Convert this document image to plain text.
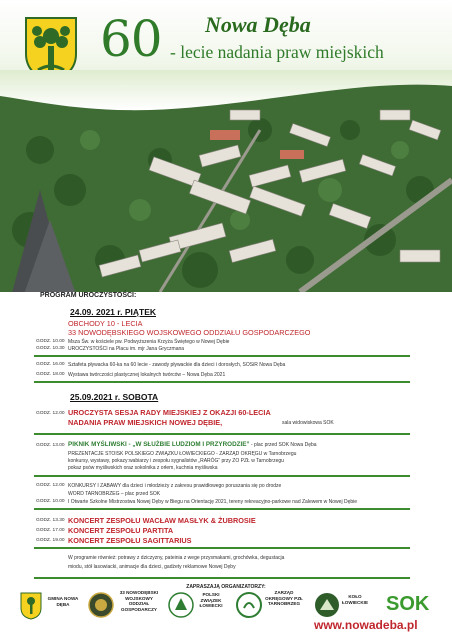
60 Nowa Dęba
- lecie nadania praw miejskich
PROGRAM UROCZYSTOŚCI:
24.09. 2021 r. PIĄTEK
OBCHODY 10 - LECIA
33 NOWODĘBSKIEGO WOJSKOWEGO ODDZIAŁU GOSPODARCZEGO
GODZ. 10.00 Msza Św. w kościele pw. Podwyższenia Krzyża Świętego w Nowej Dębie
GODZ. 10.30 UROCZYSTOŚCI na Placu im. mjr Jana Gryczmana
GODZ. 16.00 Sztafeta pływacka 60-ka na 60 lecie - zawody pływackie dla dzieci i dorosłych, SOSiR Nowa Dęba
GODZ. 18.00 Wystawa twórczości plastycznej lokalnych twórców – Nowa Dęba 2021
25.09.2021 r. SOBOTA
GODZ. 12.00 UROCZYSTA SESJA RADY MIEJSKIEJ Z OKAZJI 60-LECIA
NADANIA PRAW MIEJSKICH NOWEJ DĘBIE,	sala widowiskowa SOK
GODZ. 13.00 PIKNIK MYŚLIWSKI - „W SŁUŻBIE LUDZIOM I PRZYRODZIE” - plac przed SOK Nowa Dęba
PREZENTACJE STOISK POLSKIEGO ZWIĄZKU ŁOWIECKIEGO - ZARZĄD OKRĘGU w Tarnobrzegu
konkursy, wystawy, pokazy:wabiarzy i zespołu sygnalistów „RARÓG” przy ZO PZŁ w Tarnobrzegu
pokaz psów myśliwskich oraz sokolnika z orłem, kuchnia myśliwska
GODZ. 12.00 KONKURSY I ZABAWY dla dzieci i młodzieży z zakresu prawidłowego poruszania się po drodze
WORD TARNOBRZEG – plac przed SOK
GODZ. 10.00 I Otwarte Szkolne Mistrzostwa Nowej Dęby w Biegu na Orientację 2021, tereny rekreacyjno-parkowe nad Zalewem w Nowej Dębie
GODZ. 13.30 KONCERT ZESPOŁU WACŁAW MASŁYK & ŻUBROSIE
GODZ. 17.00 KONCERT ZESPOŁU PARTITA
GODZ. 19.00 KONCERT ZESPOŁU SAGITTARIUS
W programie również: potrawy z dziczyzny, pateinia z wege przysmakami, grochówka, degustacja
miodu, stół lasowiacki, animacje dla dzieci, gadżety reklamowe Nowej Dęby
ZAPRASZAJĄ ORGANIZATORZY:
GMINA NOWA DĘBA
33 NOWODĘBSKI WOJSKOWY ODDZIAŁ GOSPODARCZY
POLSKI ZWIĄZEK ŁOWIECKI
ZARZĄD OKRĘGOWY PZŁ TARNOBRZEG
KOŁO ŁOWIECKIE SOK
www.nowadeba.pl
